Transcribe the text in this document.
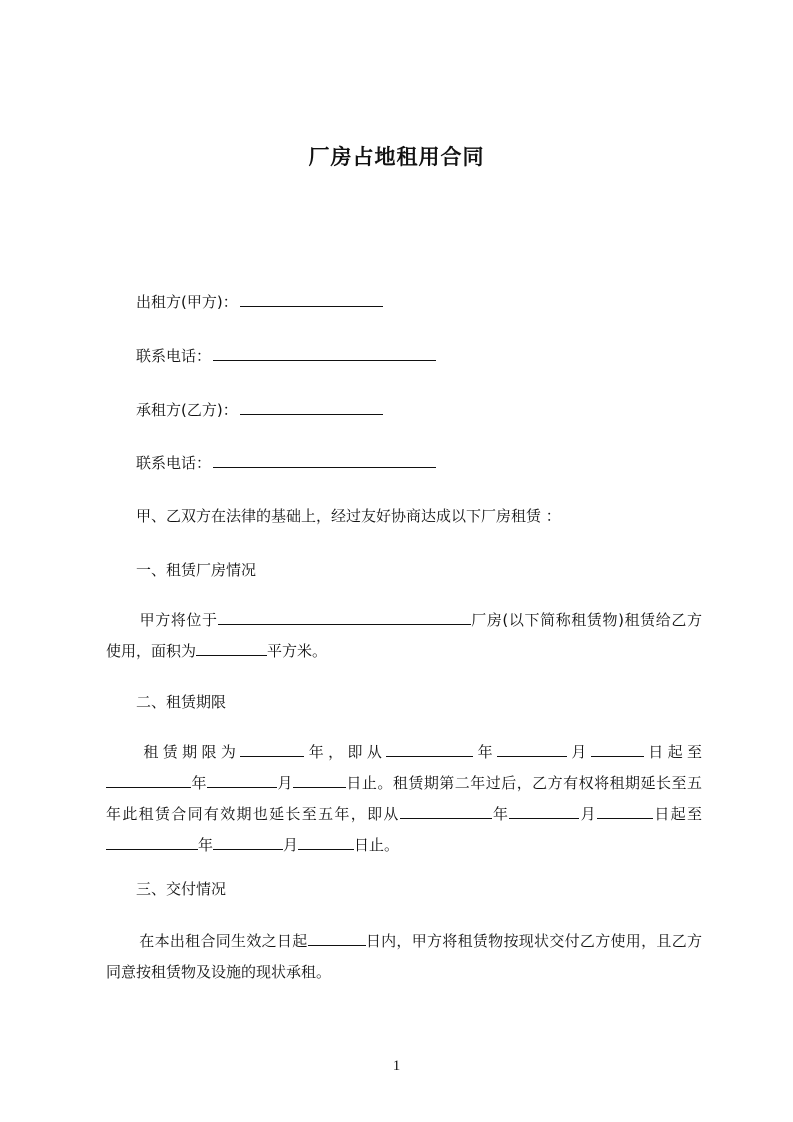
厂房占地租用合同
出租方(甲方)：
联系电话：
承租方(乙方)：
联系电话：
甲、乙双方在法律的基础上，经过友好协商达成以下厂房租赁 ：
一、租赁厂房情况
甲方将位于	厂房(以下简称租赁物)租赁给乙方使用，面积为	平方米。
二、租赁期限
租赁期限为	年，即从	年	月	日起至年	月	日止。租赁期第二年过后，乙方有权将租期延长至五年此租赁合同有效期也延长至五年，即从	年	月	日起至年	月	日止。
三、交付情况
在本出租合同生效之日起	日内，甲方将租赁物按现状交付乙方使用，且乙方同意按租赁物及设施的现状承租。
1
